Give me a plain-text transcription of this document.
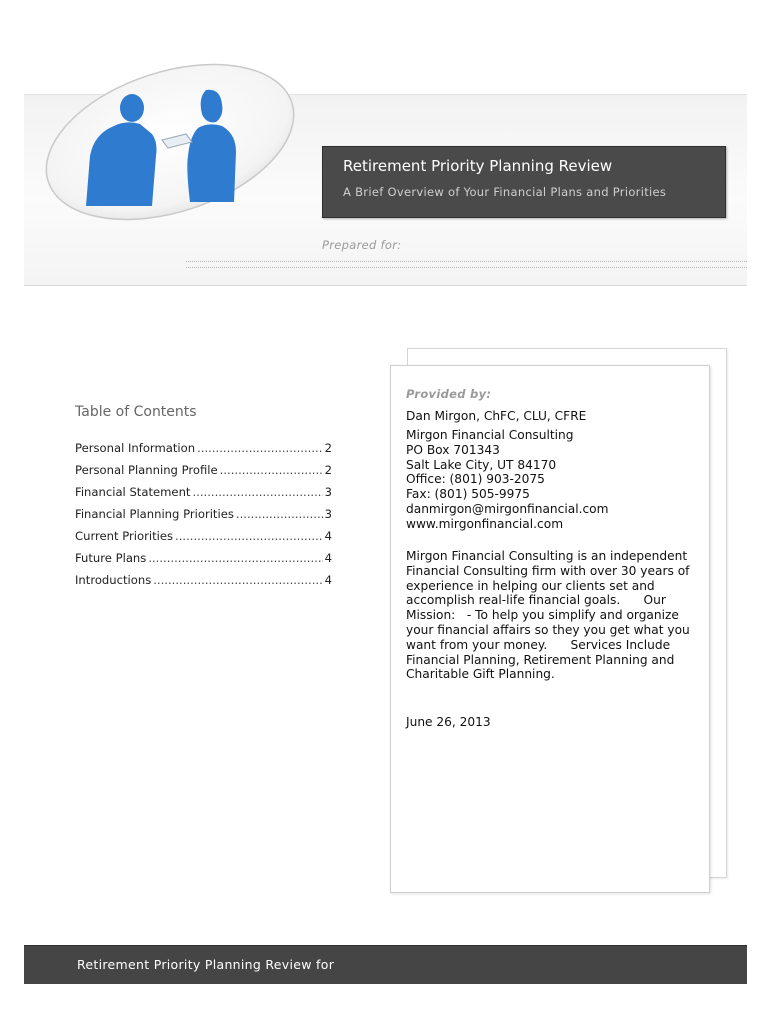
Retirement Priority Planning Review
A Brief Overview of Your Financial Plans and Priorities
Prepared for:
Table of Contents
Personal Information .....	2
Personal Planning Profile .....	2
Financial Statement .....	3
Financial Planning Priorities .....	3
Current Priorities .....	4
Future Plans .....	4
Introductions .....	4
Provided by:
Dan Mirgon, ChFC, CLU, CFRE
Mirgon Financial Consulting
PO Box 701343
Salt Lake City, UT 84170
Office: (801) 903-2075
Fax: (801) 505-9975
danmirgon@mirgonfinancial.com
www.mirgonfinancial.com
Mirgon Financial Consulting is an independent Financial Consulting firm with over 30 years of experience in helping our clients set and accomplish real-life financial goals.      Our Mission:   - To help you simplify and organize your financial affairs so they you get what you want from your money.      Services Include Financial Planning, Retirement Planning and Charitable Gift Planning.
June 26, 2013
Retirement Priority Planning Review for
